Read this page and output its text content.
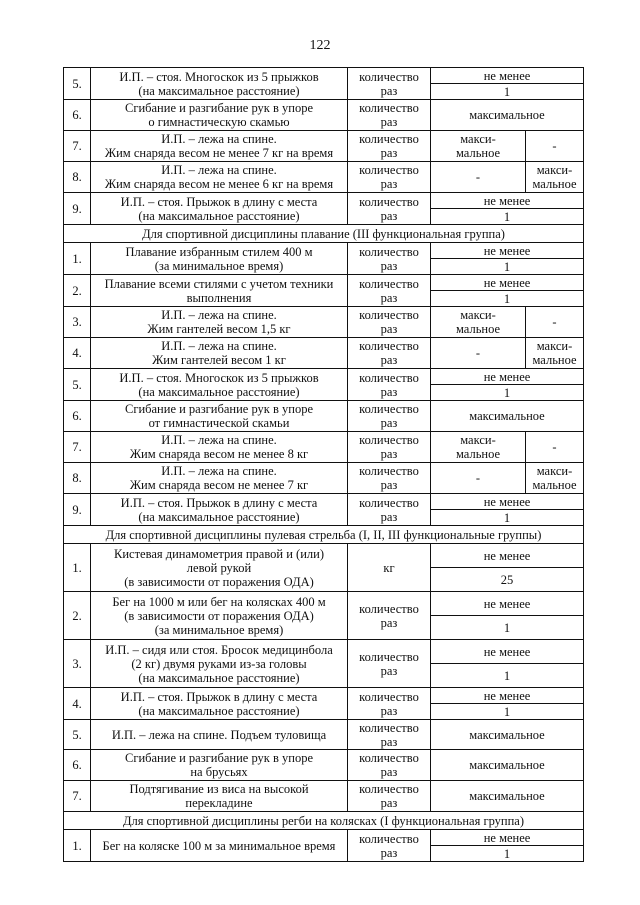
122
5.	И.П. – стоя. Многоскок из 5 прыжков
(на максимальное расстояние)	количество
раз	не менее	
			1	
6.	Сгибание и разгибание рук в упоре
о гимнастическую скамью	количество
раз	максимальное	
7.	И.П. – лежа на спине.
Жим снаряда весом не менее 7 кг на время	количество
раз	макси-
мальное	-
8.	И.П. – лежа на спине.
Жим снаряда весом не менее 6 кг на время	количество
раз	-	макси-
мальное
9.	И.П. – стоя. Прыжок в длину с места
(на максимальное расстояние)	количество
раз	не менее	
			1	
Для спортивной дисциплины плавание (III функциональная группа)				
1.	Плавание избранным стилем 400 м
(за минимальное время)	количество
раз	не менее	
			1	
2.	Плавание всеми стилями с учетом техники
выполнения	количество
раз	не менее	
			1	
3.	И.П. – лежа на спине.
Жим гантелей весом 1,5 кг	количество
раз	макси-
мальное	-
4.	И.П. – лежа на спине.
Жим гантелей весом 1 кг	количество
раз	-	макси-
мальное
5.	И.П. – стоя. Многоскок из 5 прыжков
(на максимальное расстояние)	количество
раз	не менее	
			1	
6.	Сгибание и разгибание рук в упоре
от гимнастической скамьи	количество
раз	максимальное	
7.	И.П. – лежа на спине.
Жим снаряда весом не менее 8 кг	количество
раз	макси-
мальное	-
8.	И.П. – лежа на спине.
Жим снаряда весом не менее 7 кг	количество
раз	-	макси-
мальное
9.	И.П. – стоя. Прыжок в длину с места
(на максимальное расстояние)	количество
раз	не менее	
			1	
Для спортивной дисциплины пулевая стрельба (I, II, III функциональные группы)				
1.	Кистевая динамометрия правой и (или)
левой рукой
(в зависимости от поражения ОДА)	кг	не менее	
			25	
2.	Бег на 1000 м или бег на колясках 400 м
(в зависимости от поражения ОДА)
(за минимальное время)	количество
раз	не менее	
			1	
3.	И.П. – сидя или стоя. Бросок медицинбола
(2 кг) двумя руками из-за головы
(на максимальное расстояние)	количество
раз	не менее	
			1	
4.	И.П. – стоя. Прыжок в длину с места
(на максимальное расстояние)	количество
раз	не менее	
			1	
5.	И.П. – лежа на спине. Подъем туловища	количество
раз	максимальное	
6.	Сгибание и разгибание рук в упоре
на брусьях	количество
раз	максимальное	
7.	Подтягивание из виса на высокой
перекладине	количество
раз	максимальное	
Для спортивной дисциплины регби на колясках (I функциональная группа)				
1.	Бег на коляске 100 м за минимальное время	количество
раз	не менее	
			1	
